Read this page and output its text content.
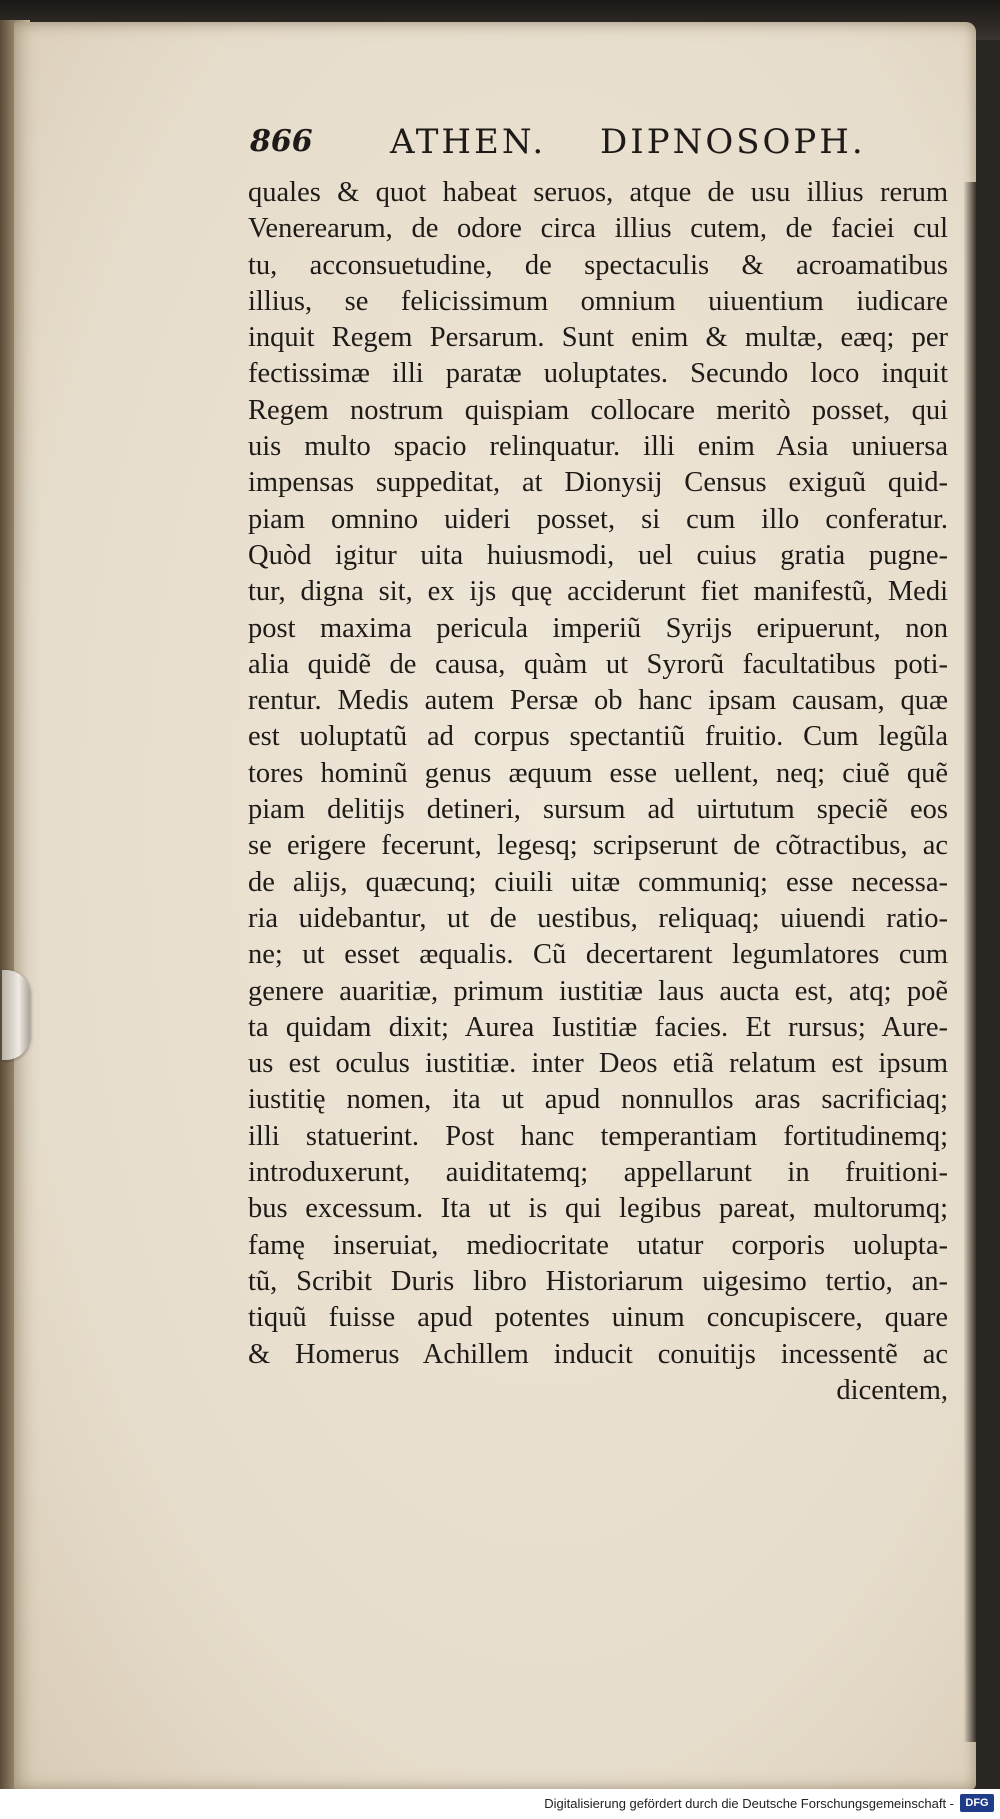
866 ATHEN. DIPNOSOPH.
quales & quot habeat seruos, atque de usu illius rerum
Venerearum, de odore circa illius cutem, de faciei cul
tu, acconsuetudine, de spectaculis & acroamatibus
illius, se felicissimum omnium uiuentium iudicare
inquit Regem Persarum. Sunt enim & multæ, eæq; per
fectissimæ illi paratæ uoluptates. Secundo loco inquit
Regem nostrum quispiam collocare meritò posset, qui
uis multo spacio relinquatur. illi enim Asia uniuersa
impensas suppeditat, at Dionysij Census exiguũ quid-
piam omnino uideri posset, si cum illo conferatur.
Quòd igitur uita huiusmodi, uel cuius gratia pugne-
tur, digna sit, ex ijs quę acciderunt fiet manifestũ, Medi
post maxima pericula imperiũ Syrijs eripuerunt, non
alia quidẽ de causa, quàm ut Syrorũ facultatibus poti-
rentur. Medis autem Persæ ob hanc ipsam causam, quæ
est uoluptatũ ad corpus spectantiũ fruitio. Cum legũla
tores hominũ genus æquum esse uellent, neq; ciuẽ quẽ
piam delitijs detineri, sursum ad uirtutum speciẽ eos
se erigere fecerunt, legesq; scripserunt de cõtractibus, ac
de alijs, quæcunq; ciuili uitæ communiq; esse necessa-
ria uidebantur, ut de uestibus, reliquaq; uiuendi ratio-
ne; ut esset æqualis. Cũ decertarent legumlatores cum
genere auaritiæ, primum iustitiæ laus aucta est, atq; poẽ
ta quidam dixit; Aurea Iustitiæ facies. Et rursus; Aure-
us est oculus iustitiæ. inter Deos etiã relatum est ipsum
iustitię nomen, ita ut apud nonnullos aras sacrificiaq;
illi statuerint. Post hanc temperantiam fortitudinemq;
introduxerunt, auiditatemq; appellarunt in fruitioni-
bus excessum. Ita ut is qui legibus pareat, multorumq;
famę inseruiat, mediocritate utatur corporis uolupta-
tũ, Scribit Duris libro Historiarum uigesimo tertio, an-
tiquũ fuisse apud potentes uinum concupiscere, quare
& Homerus Achillem inducit conuitijs incessentẽ ac
dicentem,
Digitalisierung gefördert durch die Deutsche Forschungsgemeinschaft -	DFG
